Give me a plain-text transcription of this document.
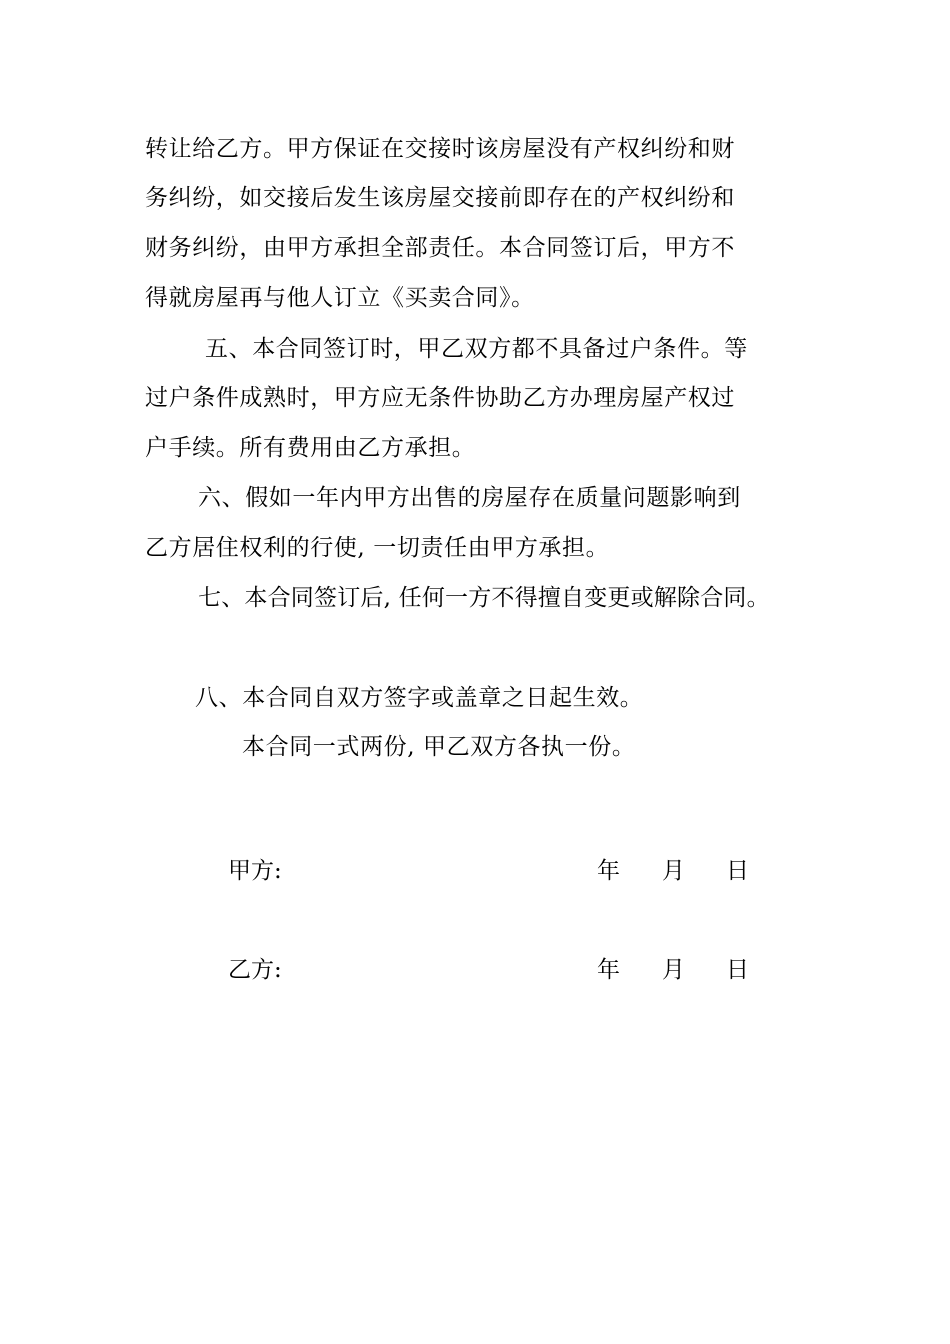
转让给乙方。甲方保证在交接时该房屋没有产权纠纷和财
务纠纷，如交接后发生该房屋交接前即存在的产权纠纷和
财务纠纷，由甲方承担全部责任。本合同签订后，甲方不
得就房屋再与他人订立《买卖合同》。
五、本合同签订时，甲乙双方都不具备过户条件。等
过户条件成熟时，甲方应无条件协助乙方办理房屋产权过
户手续。所有费用由乙方承担。
六、假如一年内甲方出售的房屋存在质量问题影响到
乙方居住权利的行使, 一切责任由甲方承担。
七、本合同签订后, 任何一方不得擅自变更或解除合同。
八、本合同自双方签字或盖章之日起生效。
本合同一式两份, 甲乙双方各执一份。
甲方:	年 月 日
乙方:	年 月 日
